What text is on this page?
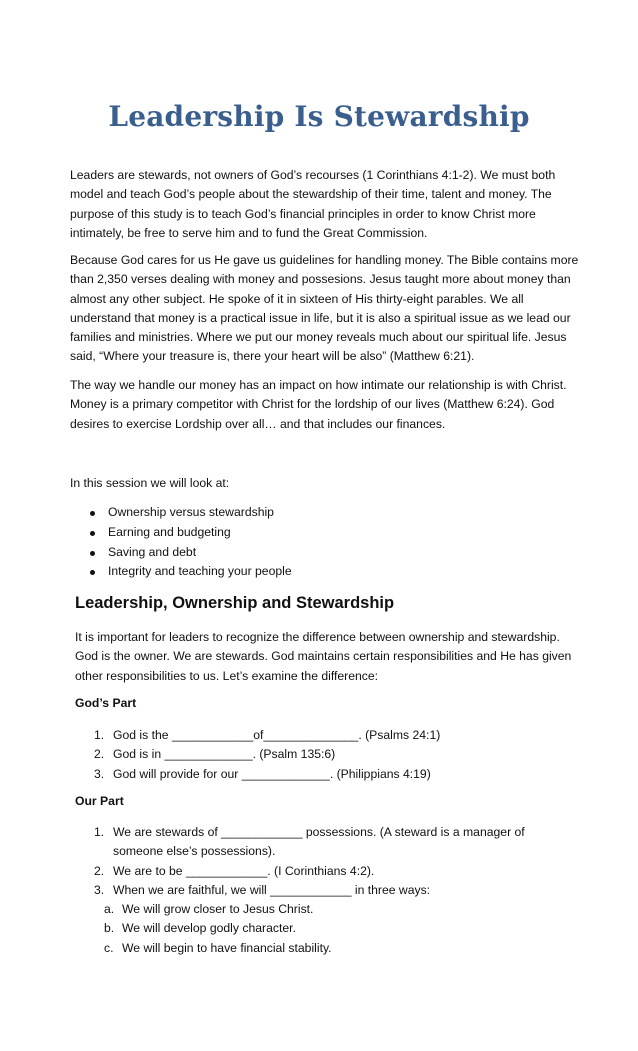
Leadership Is Stewardship

Leaders are stewards, not owners of God’s recourses (1 Corinthians 4:1-2). We must both model and teach God’s people about the stewardship of their time, talent and money. The purpose of this study is to teach God’s financial principles in order to know Christ more intimately, be free to serve him and to fund the Great Commission.

Because God cares for us He gave us guidelines for handling money. The Bible contains more than 2,350 verses dealing with money and possesions. Jesus taught more about money than almost any other subject. He spoke of it in sixteen of His thirty-eight parables. We all understand that money is a practical issue in life, but it is also a spiritual issue as we lead our families and ministries. Where we put our money reveals much about our spiritual life. Jesus said, “Where your treasure is, there your heart will be also” (Matthew 6:21).

The way we handle our money has an impact on how intimate our relationship is with Christ. Money is a primary competitor with Christ for the lordship of our lives (Matthew 6:24). God desires to exercise Lordship over all… and that includes our finances.

In this session we will look at:

Ownership versus stewardship
Earning and budgeting
Saving and debt
Integrity and teaching your people
Leadership, Ownership and Stewardship

It is important for leaders to recognize the difference between ownership and stewardship. God is the owner. We are stewards. God maintains certain responsibilities and He has given other responsibilities to us. Let’s examine the difference:

God’s Part
1. God is the ____________of______________. (Psalms 24:1)
2. God is in _____________. (Psalm 135:6)
3. God will provide for our _____________. (Philippians 4:19)
Our Part
1. We are stewards of ____________ possessions. (A steward is a manager of someone else’s possessions).
2. We are to be ____________. (I Corinthians 4:2).
3. When we are faithful, we will ____________ in three ways:
a. We will grow closer to Jesus Christ.
b. We will develop godly character.
c. We will begin to have financial stability.
